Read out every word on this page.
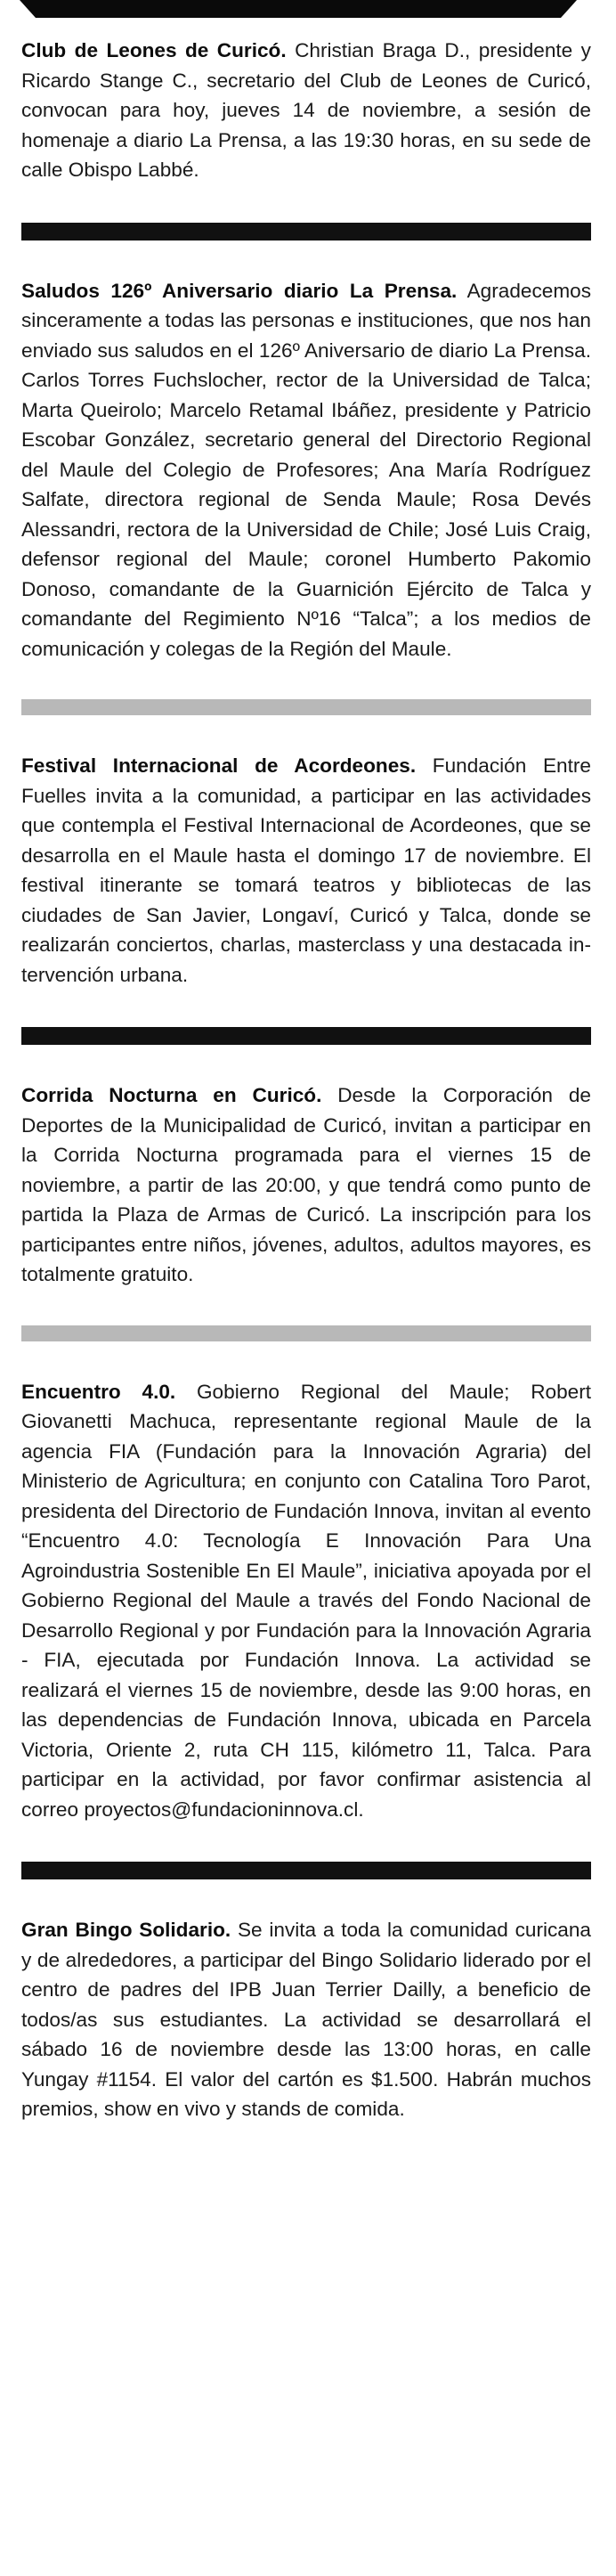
Club de Leones de Curicó. Christian Braga D., presidente y Ricardo Stange C., secretario del Club de Leones de Curicó, convocan para hoy, jueves 14 de noviembre, a sesión de homenaje a diario La Prensa, a las 19:30 horas, en su sede de calle Obispo Labbé.

Saludos 126º Aniversario diario La Prensa. Agradecemos sinceramente a todas las personas e instituciones, que nos han enviado sus saludos en el 126º Aniversario de diario La Prensa. Carlos Torres Fuchslocher, rector de la Universidad de Talca; Marta Queirolo; Marcelo Retamal Ibáñez, presidente y Patricio Escobar González, secretario general del Directorio Regional del Maule del Colegio de Profesores; Ana María Rodríguez Salfate, directora regional de Senda Maule; Rosa Devés Alessandri, rectora de la Universidad de Chile; José Luis Craig, defensor regional del Maule; coronel Humberto Pakomio Donoso, comandante de la Guarnición Ejército de Talca y comandante del Regimiento Nº16 “Talca”; a los medios de comunicación y colegas de la Región del Maule.

Festival Internacional de Acordeones. Fundación Entre Fuelles invita a la comunidad, a participar en las actividades que contempla el Festival Internacional de Acordeones, que se desarrolla en el Maule hasta el domingo 17 de noviembre. El festival itinerante se tomará teatros y bibliotecas de las ciudades de San Javier, Longaví, Curicó y Talca, donde se realizarán conciertos, charlas, masterclass y una destacada intervención urbana.

Corrida Nocturna en Curicó. Desde la Corporación de Deportes de la Municipalidad de Curicó, invitan a participar en la Corrida Nocturna programada para el viernes 15 de noviembre, a partir de las 20:00, y que tendrá como punto de partida la Plaza de Armas de Curicó. La inscripción para los participantes entre niños, jóvenes, adultos, adultos mayores, es totalmente gratuito.

Encuentro 4.0. Gobierno Regional del Maule; Robert Giovanetti Machuca, representante regional Maule de la agencia FIA (Fundación para la Innovación Agraria) del Ministerio de Agricultura; en conjunto con Catalina Toro Parot, presidenta del Directorio de Fundación Innova, invitan al evento “Encuentro 4.0: Tecnología E Innovación Para Una Agroindustria Sostenible En El Maule”, iniciativa apoyada por el Gobierno Regional del Maule a través del Fondo Nacional de Desarrollo Regional y por Fundación para la Innovación Agraria - FIA, ejecutada por Fundación Innova. La actividad se realizará el viernes 15 de noviembre, desde las 9:00 horas, en las dependencias de Fundación Innova, ubicada en Parcela Victoria, Oriente 2, ruta CH 115, kilómetro 11, Talca. Para participar en la actividad, por favor confirmar asistencia al correo proyectos@fundacioninnova.cl.

Gran Bingo Solidario. Se invita a toda la comunidad curicana y de alrededores, a participar del Bingo Solidario liderado por el centro de padres del IPB Juan Terrier Dailly, a beneficio de todos/as sus estudiantes. La actividad se desarrollará el sábado 16 de noviembre desde las 13:00 horas, en calle Yungay #1154. El valor del cartón es $1.500. Habrán muchos premios, show en vivo y stands de comida.
